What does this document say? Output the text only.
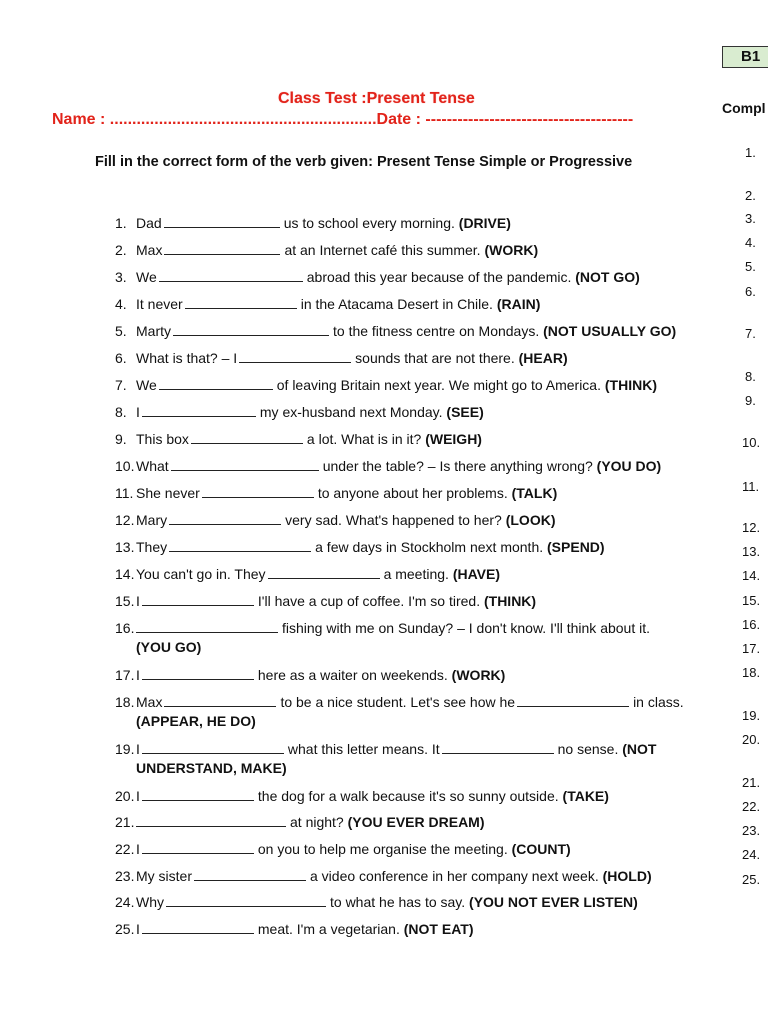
B1
Class Test :Present Tense
Name : ............................................................Date : ---------------------------------------
Fill in the correct form of the verb given: Present Tense Simple or Progressive
1. Dad	us to school every morning. (DRIVE)
2. Max	at an Internet café this summer. (WORK)
3. We	abroad this year because of the pandemic. (NOT GO)
4. It never	in the Atacama Desert in Chile. (RAIN)
5. Marty	to the fitness centre on Mondays. (NOT USUALLY GO)
6. What is that? – I	sounds that are not there. (HEAR)
7. We	of leaving Britain next year. We might go to America. (THINK)
8. I	my ex-husband next Monday. (SEE)
9. This box	a lot. What is in it? (WEIGH)
10. What	under the table? – Is there anything wrong? (YOU DO)
11. She never	to anyone about her problems. (TALK)
12. Mary	very sad. What's happened to her? (LOOK)
13. They	a few days in Stockholm next month. (SPEND)
14. You can't go in. They	a meeting. (HAVE)
15. I	I'll have a cup of coffee. I'm so tired. (THINK)
16.	fishing with me on Sunday? – I don't know. I'll think about it.
(YOU GO)
17. I	here as a waiter on weekends. (WORK)
18. Max	to be a nice student. Let's see how he	in class.
(APPEAR, HE DO)
19. I	what this letter means. It	no sense. (NOT
UNDERSTAND, MAKE)
20. I	the dog for a walk because it's so sunny outside. (TAKE)
21.	at night? (YOU EVER DREAM)
22. I	on you to help me organise the meeting. (COUNT)
23. My sister	a video conference in her company next week. (HOLD)
24. Why	to what he has to say. (YOU NOT EVER LISTEN)
25. I	meat. I'm a vegetarian. (NOT EAT)
Compl
1.
2.
3.
4.
5.
6.
7.
8.
9.
10.
11.
12.
13.
14.
15.
16.
17.
18.
19.
20.
21.
22.
23.
24.
25.
